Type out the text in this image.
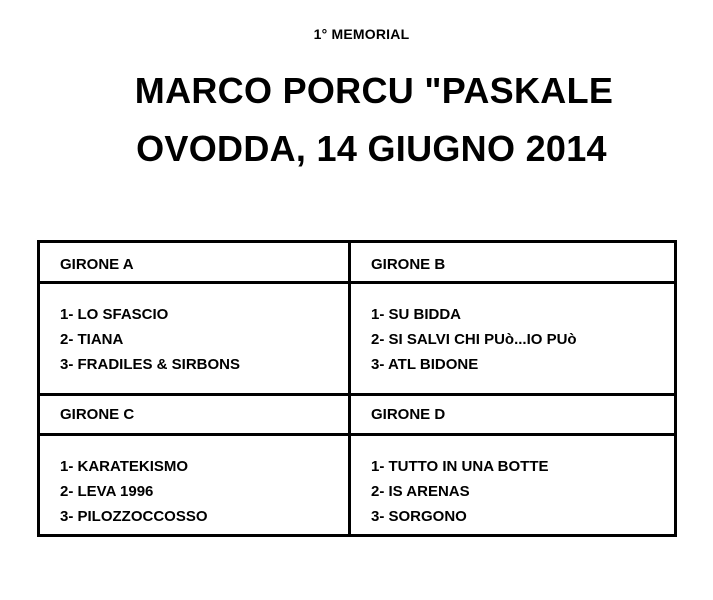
1° MEMORIAL
MARCO PORCU "PASKALE
OVODDA, 14 GIUGNO 2014
GIRONE A
1- LO SFASCIO
2- TIANA
3- FRADILES & SIRBONS
GIRONE B
1- SU BIDDA
2- SI SALVI CHI PUò...IO PUò
3- ATL BIDONE
GIRONE C
1- KARATEKISMO
2- LEVA 1996
3- PILOZZOCCOSSO
GIRONE D
1- TUTTO IN UNA BOTTE
2- IS ARENAS
3- SORGONO
